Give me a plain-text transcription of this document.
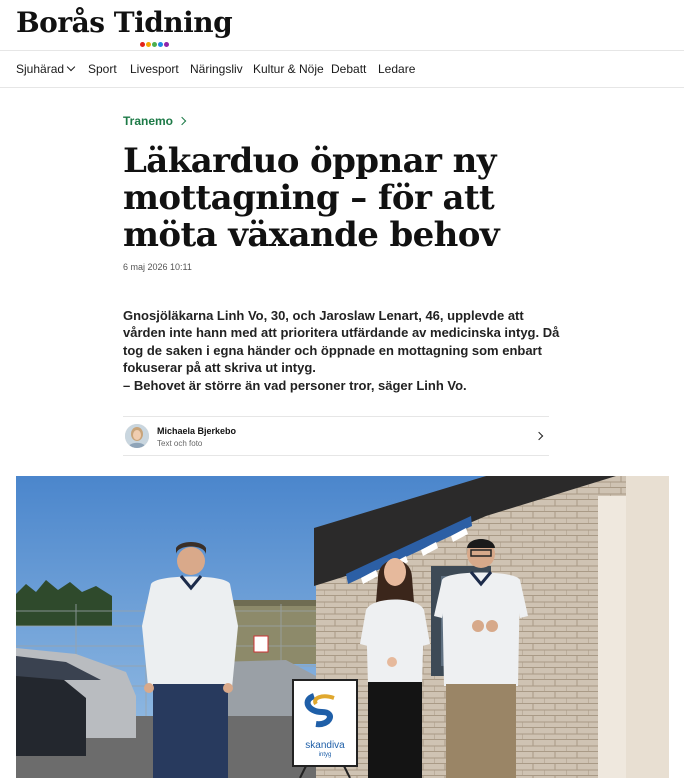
Borås Tidning
Sjuhärad	Sport Livesport Näringsliv Kultur & Nöje Debatt Ledare
Tranemo
Läkarduo öppnar ny mottagning – för att möta växande behov
6 maj 2026 10:11

Gnosjöläkarna Linh Vo, 30, och Jaroslaw Lenart, 46, upplevde att vården inte hann med att prioritera utfärdande av medicinska intyg. Då tog de saken i egna händer och öppnade en mottagning som enbart fokuserar på att skriva ut intyg.

– Behovet är större än vad personer tror, säger Linh Vo.

Michaela Bjerkebo
Text och foto
skandiva
intyg
